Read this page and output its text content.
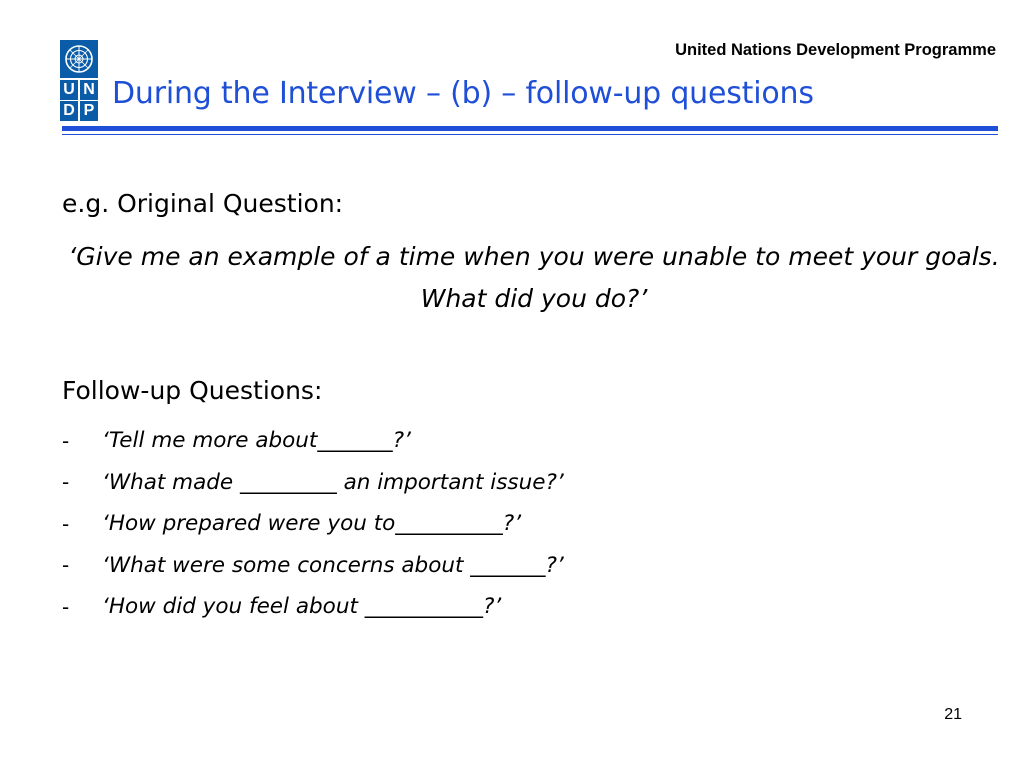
U N
D P
United Nations Development Programme
During the Interview – (b) – follow-up questions
e.g. Original Question:
‘Give me an example of a time when you were unable to meet your goals. What did you do?’
Follow-up Questions:
-	‘Tell me more about_______?’
-	‘What made _________ an important issue?’
-	‘How prepared were you to__________?’
-	‘What were some concerns about _______?’
-	‘How did you feel about ___________?’
21
